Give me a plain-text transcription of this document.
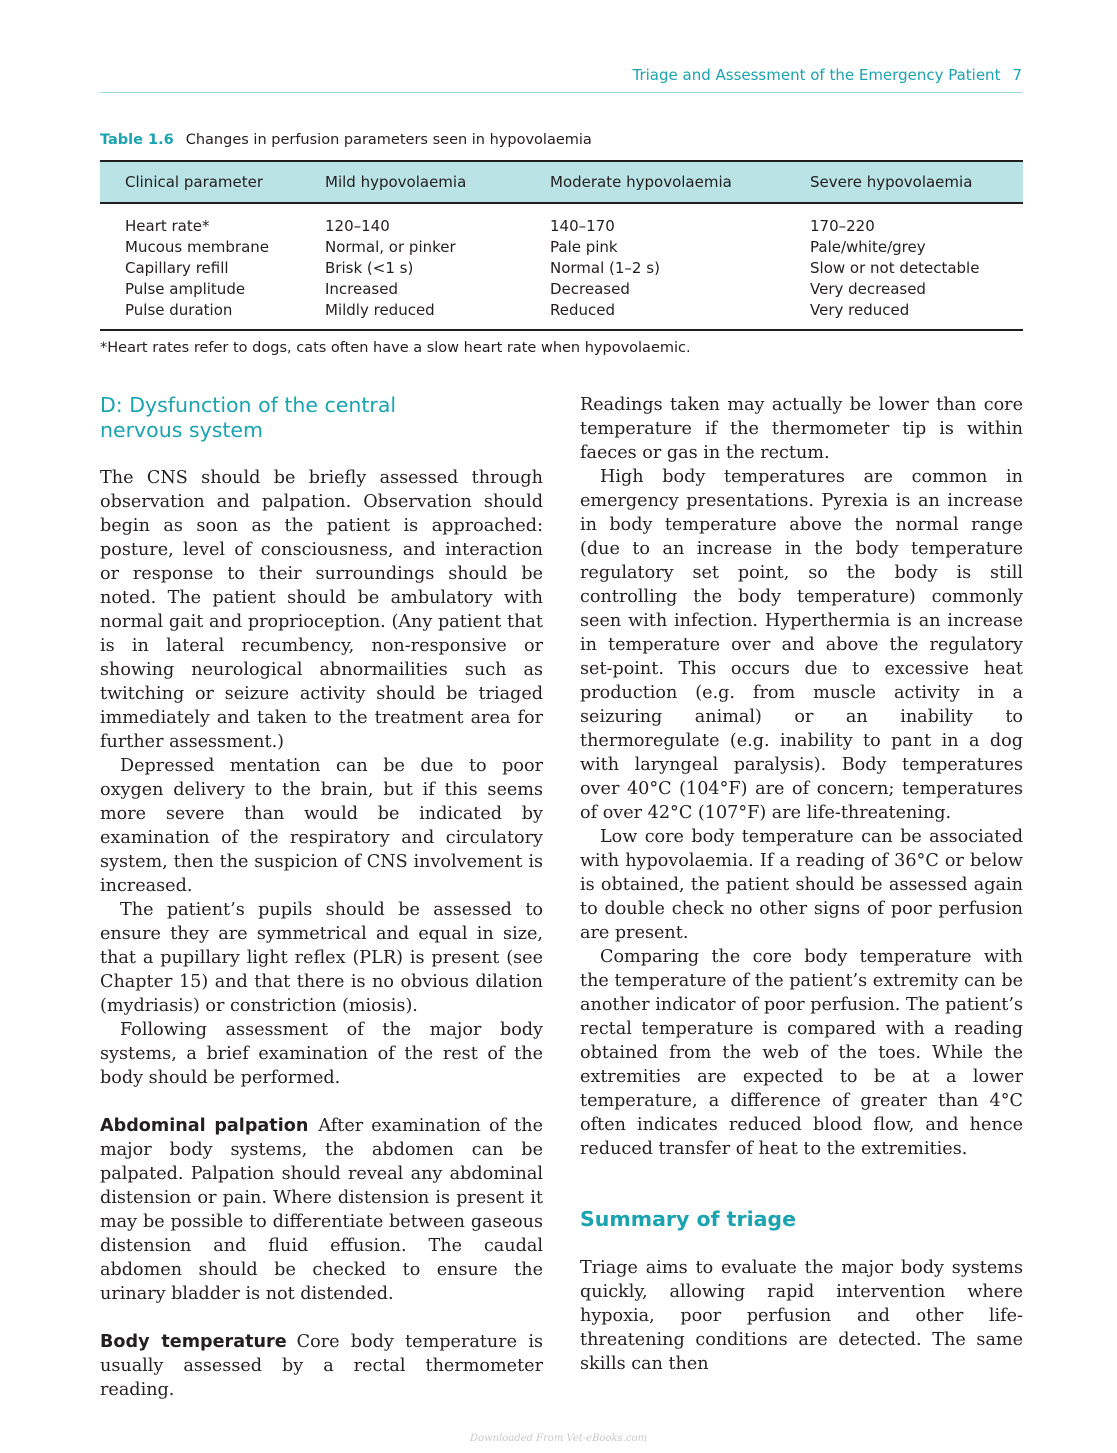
Triage and Assessment of the Emergency Patient 7
Table 1.6 Changes in perfusion parameters seen in hypovolaemia
Clinical parameter	Mild hypovolaemia	Moderate hypovolaemia	Severe hypovolaemia
Heart rate*	120–140	140–170	170–220
Mucous membrane	Normal, or pinker	Pale pink	Pale/white/grey
Capillary refill	Brisk (<1 s)	Normal (1–2 s)	Slow or not detectable
Pulse amplitude	Increased	Decreased	Very decreased
Pulse duration	Mildly reduced	Reduced	Very reduced
*Heart rates refer to dogs, cats often have a slow heart rate when hypovolaemic.
D: Dysfunction of the central
nervous system

The CNS should be briefly assessed through observation and palpation. Observation should begin as soon as the patient is approached: posture, level of consciousness, and interaction or response to their surroundings should be noted. The patient should be ambulatory with normal gait and proprioception. (Any patient that is in lateral recumbency, non-responsive or showing neurological abnormailities such as twitching or seizure activity should be triaged immediately and taken to the treatment area for further assessment.)

Depressed mentation can be due to poor oxygen delivery to the brain, but if this seems more severe than would be indicated by examination of the respiratory and circulatory system, then the suspicion of CNS involvement is increased.

The patient’s pupils should be assessed to ensure they are symmetrical and equal in size, that a pupillary light reflex (PLR) is present (see Chapter 15) and that there is no obvious dilation (mydriasis) or constriction (miosis).

Following assessment of the major body systems, a brief examination of the rest of the body should be performed.

Abdominal palpation After examination of the major body systems, the abdomen can be palpated. Palpation should reveal any abdominal distension or pain. Where distension is present it may be possible to differentiate between gaseous distension and fluid effusion. The caudal abdomen should be checked to ensure the urinary bladder is not distended.

Body temperature Core body temperature is usually assessed by a rectal thermometer reading.

Readings taken may actually be lower than core temperature if the thermometer tip is within faeces or gas in the rectum.

High body temperatures are common in emergency presentations. Pyrexia is an increase in body temperature above the normal range (due to an increase in the body temperature regulatory set point, so the body is still controlling the body temperature) commonly seen with infection. Hyperthermia is an increase in temperature over and above the regulatory set-point. This occurs due to excessive heat production (e.g. from muscle activity in a seizuring animal) or an inability to thermoregulate (e.g. inability to pant in a dog with laryngeal paralysis). Body temperatures over 40°C (104°F) are of concern; temperatures of over 42°C (107°F) are life-threatening.

Low core body temperature can be associated with hypovolaemia. If a reading of 36°C or below is obtained, the patient should be assessed again to double check no other signs of poor perfusion are present.

Comparing the core body temperature with the temperature of the patient’s extremity can be another indicator of poor perfusion. The patient’s rectal temperature is compared with a reading obtained from the web of the toes. While the extremities are expected to be at a lower temperature, a difference of greater than 4°C often indicates reduced blood flow, and hence reduced transfer of heat to the extremities.

Summary of triage

Triage aims to evaluate the major body systems quickly, allowing rapid intervention where hypoxia, poor perfusion and other life-threatening conditions are detected. The same skills can then

Downloaded From Vet-eBooks.com
